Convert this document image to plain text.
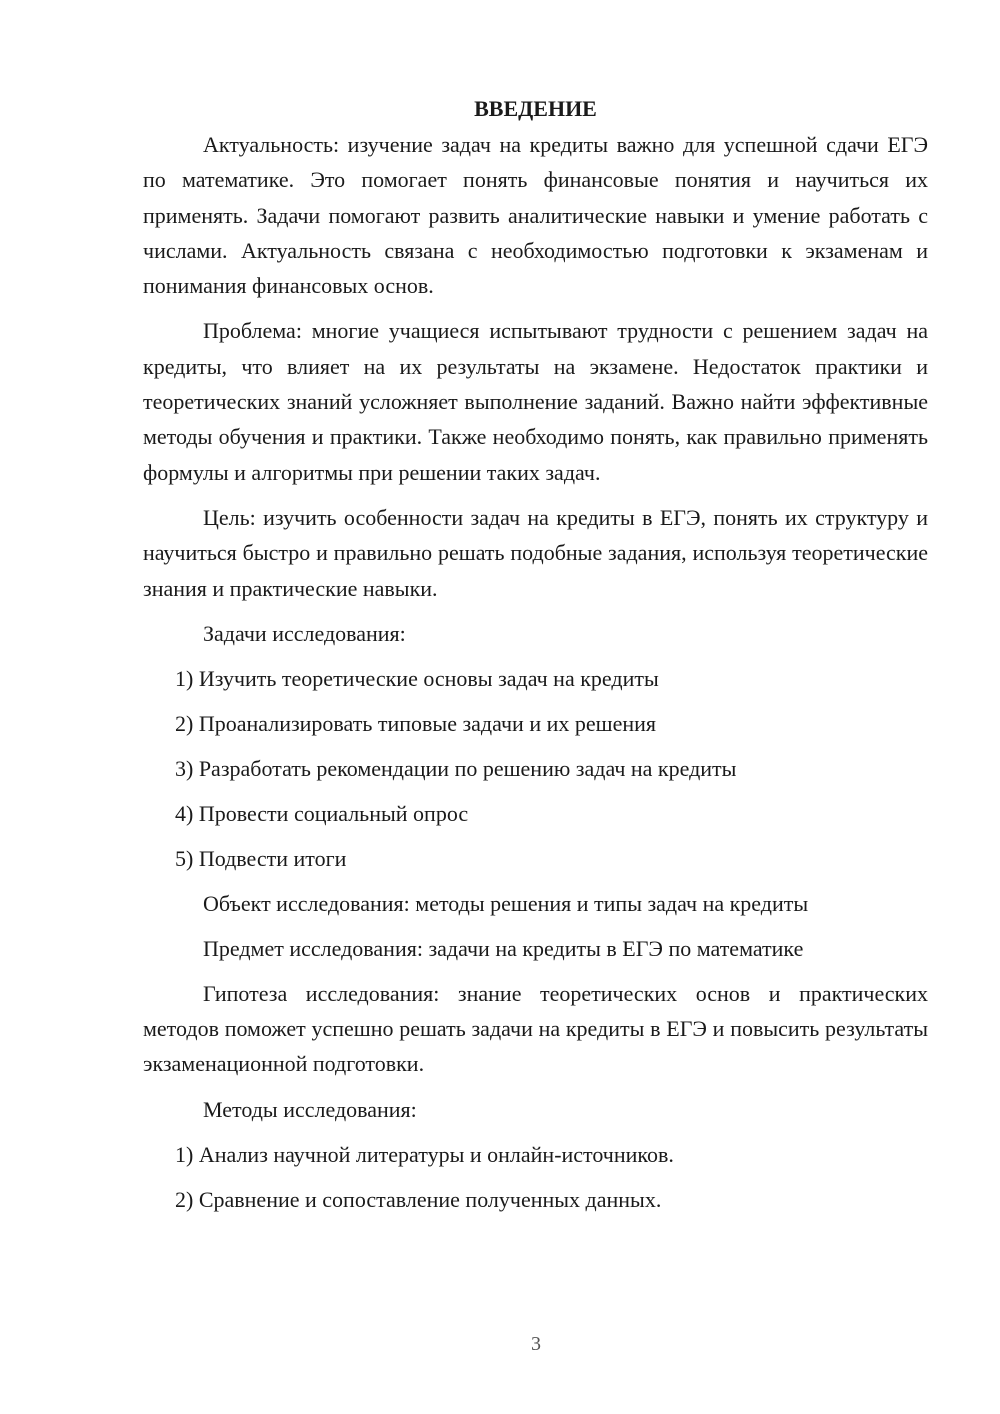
ВВЕДЕНИЕ

Актуальность: изучение задач на кредиты важно для успешной сдачи ЕГЭ по математике. Это помогает понять финансовые понятия и научиться их применять. Задачи помогают развить аналитические навыки и умение работать с числами. Актуальность связана с необходимостью подготовки к экзаменам и понимания финансовых основ.

Проблема: многие учащиеся испытывают трудности с решением задач на кредиты, что влияет на их результаты на экзамене. Недостаток практики и теоретических знаний усложняет выполнение заданий. Важно найти эффективные методы обучения и практики. Также необходимо понять, как правильно применять формулы и алгоритмы при решении таких задач.

Цель: изучить особенности задач на кредиты в ЕГЭ, понять их структуру и научиться быстро и правильно решать подобные задания, используя теоретические знания и практические навыки.

Задачи исследования:

1) Изучить теоретические основы задач на кредиты

2) Проанализировать типовые задачи и их решения

3) Разработать рекомендации по решению задач на кредиты

4) Провести социальный опрос

5) Подвести итоги

Объект исследования: методы решения и типы задач на кредиты

Предмет исследования: задачи на кредиты в ЕГЭ по математике

Гипотеза исследования: знание теоретических основ и практических методов поможет успешно решать задачи на кредиты в ЕГЭ и повысить результаты экзаменационной подготовки.

Методы исследования:

1) Анализ научной литературы и онлайн-источников.

2) Сравнение и сопоставление полученных данных.

3
